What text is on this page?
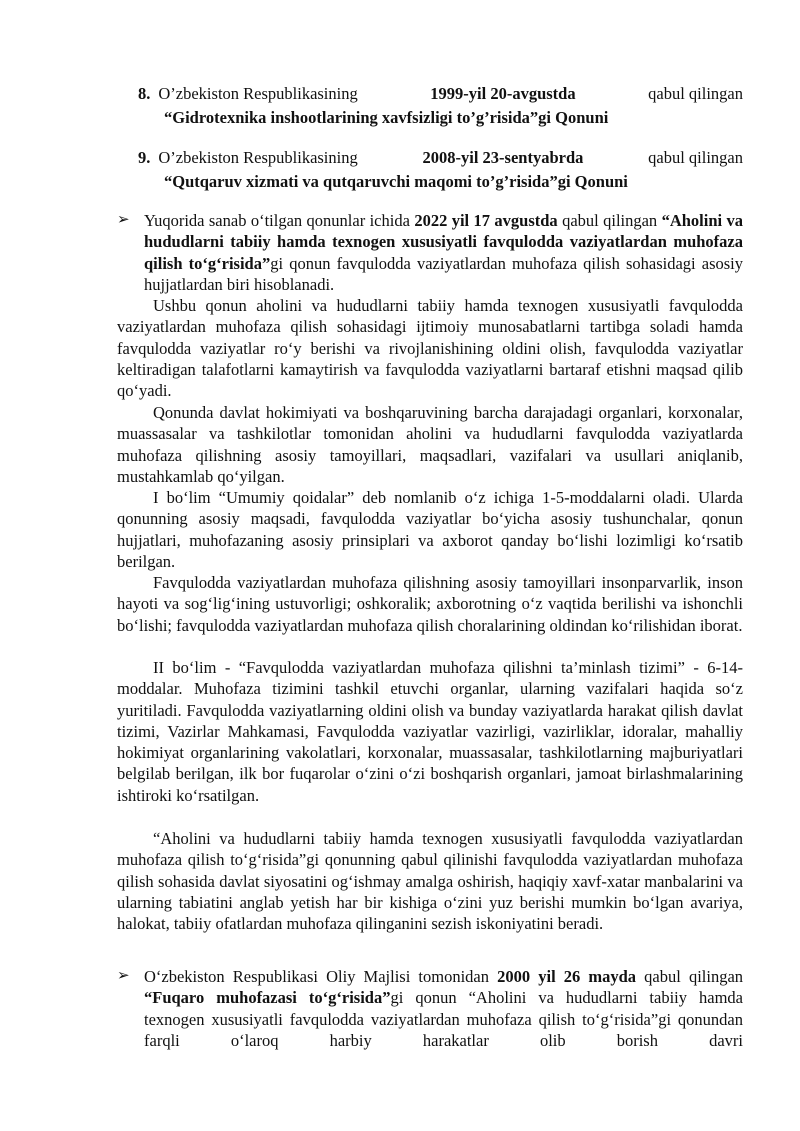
8. O’zbekiston Respublikasining	1999-yil 20-avgustda	qabul qilingan
“Gidrotexnika inshootlarining xavfsizligi to’g’risida”gi Qonuni
9. O’zbekiston Respublikasining	2008-yil 23-sentyabrda	qabul qilingan
“Qutqaruv xizmati va qutqaruvchi maqomi to’g’risida”gi Qonuni
➢ Yuqorida sanab o‘tilgan qonunlar ichida 2022 yil 17 avgustda qabul qilingan “Aholini va hududlarni tabiiy hamda texnogen xususiyatli favqulodda vaziyatlardan muhofaza qilish to‘g‘risida”gi qonun favqulodda vaziyatlardan muhofaza qilish sohasidagi asosiy hujjatlardan biri hisoblanadi.
Ushbu qonun aholini va hududlarni tabiiy hamda texnogen xususiyatli favqulodda vaziyatlardan muhofaza qilish sohasidagi ijtimoiy munosabatlarni tartibga soladi hamda favqulodda vaziyatlar ro‘y berishi va rivojlanishining oldini olish, favqulodda vaziyatlar keltiradigan talafotlarni kamaytirish va favqulodda vaziyatlarni bartaraf etishni maqsad qilib qo‘yadi.
Qonunda davlat hokimiyati va boshqaruvining barcha darajadagi organlari, korxonalar, muassasalar va tashkilotlar tomonidan aholini va hududlarni favqulodda vaziyatlarda muhofaza qilishning asosiy tamoyillari, maqsadlari, vazifalari va usullari aniqlanib, mustahkamlab qo‘yilgan.
I bo‘lim “Umumiy qoidalar” deb nomlanib o‘z ichiga 1-5-moddalarni oladi. Ularda qonunning asosiy maqsadi, favqulodda vaziyatlar bo‘yicha asosiy tushunchalar, qonun hujjatlari, muhofazaning asosiy prinsiplari va axborot qanday bo‘lishi lozimligi ko‘rsatib berilgan.
Favqulodda vaziyatlardan muhofaza qilishning asosiy tamoyillari insonparvarlik, inson hayoti va sog‘lig‘ining ustuvorligi; oshkoralik; axborotning o‘z vaqtida berilishi va ishonchli bo‘lishi; favqulodda vaziyatlardan muhofaza qilish choralarining oldindan ko‘rilishidan iborat.
II bo‘lim - “Favqulodda vaziyatlardan muhofaza qilishni ta’minlash tizimi” - 6-14-moddalar. Muhofaza tizimini tashkil etuvchi organlar, ularning vazifalari haqida so‘z yuritiladi. Favqulodda vaziyatlarning oldini olish va bunday vaziyatlarda harakat qilish davlat tizimi, Vazirlar Mahkamasi, Favqulodda vaziyatlar vazirligi, vazirliklar, idoralar, mahalliy hokimiyat organlarining vakolatlari, korxonalar, muassasalar, tashkilotlarning majburiyatlari belgilab berilgan, ilk bor fuqarolar o‘zini o‘zi boshqarish organlari, jamoat birlashmalarining ishtiroki ko‘rsatilgan.
“Aholini va hududlarni tabiiy hamda texnogen xususiyatli favqulodda vaziyatlardan muhofaza qilish to‘g‘risida”gi qonunning qabul qilinishi favqulodda vaziyatlardan muhofaza qilish sohasida davlat siyosatini og‘ishmay amalga oshirish, haqiqiy xavf-xatar manbalarini va ularning tabiatini anglab yetish har bir kishiga o‘zini yuz berishi mumkin bo‘lgan avariya, halokat, tabiiy ofatlardan muhofaza qilinganini sezish iskoniyatini beradi.
➢ O‘zbekiston Respublikasi Oliy Majlisi tomonidan 2000 yil 26 mayda qabul qilingan “Fuqaro muhofazasi to‘g‘risida”gi qonun “Aholini va hududlarni tabiiy hamda texnogen xususiyatli favqulodda vaziyatlardan muhofaza qilish to‘g‘risida”gi qonundan farqli o‘laroq harbiy harakatlar olib borish davri
